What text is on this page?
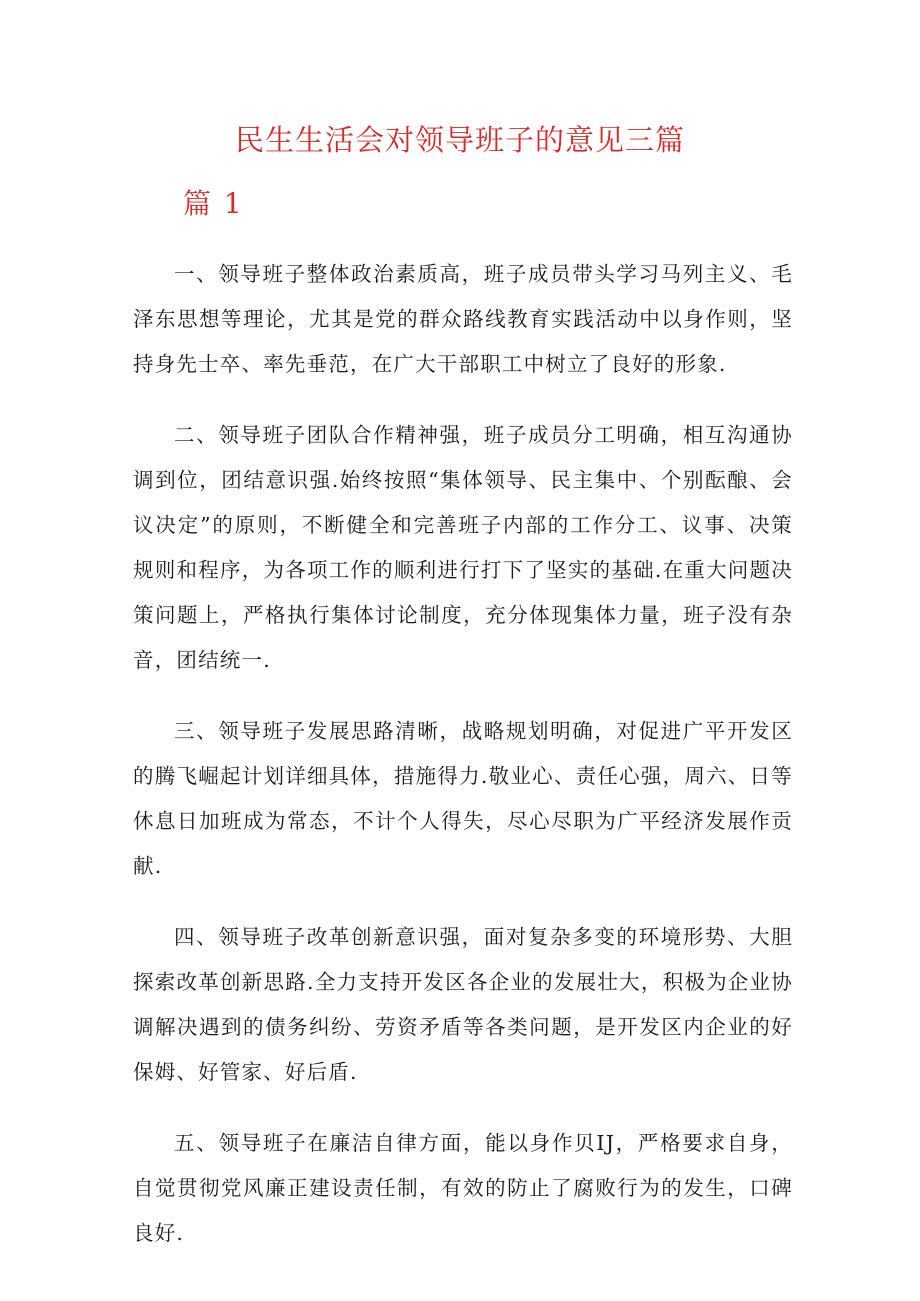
民生生活会对领导班子的意见三篇
篇 1

一、领导班子整体政治素质高，班子成员带头学习马列主义、毛泽东思想等理论，尤其是党的群众路线教育实践活动中以身作则，坚持身先士卒、率先垂范，在广大干部职工中树立了良好的形象.

二、领导班子团队合作精神强，班子成员分工明确，相互沟通协调到位，团结意识强.始终按照“集体领导、民主集中、个别酝酿、会议决定”的原则，不断健全和完善班子内部的工作分工、议事、决策规则和程序，为各项工作的顺利进行打下了坚实的基础.在重大问题决策问题上，严格执行集体讨论制度，充分体现集体力量，班子没有杂音，团结统一.

三、领导班子发展思路清晰，战略规划明确，对促进广平开发区的腾飞崛起计划详细具体，措施得力.敬业心、责任心强，周六、日等休息日加班成为常态，不计个人得失，尽心尽职为广平经济发展作贡献.

四、领导班子改革创新意识强，面对复杂多变的环境形势、大胆探索改革创新思路.全力支持开发区各企业的发展壮大，积极为企业协调解决遇到的债务纠纷、劳资矛盾等各类问题，是开发区内企业的好保姆、好管家、好后盾.

五、领导班子在廉洁自律方面，能以身作贝IJ，严格要求自身，自觉贯彻党风廉正建设责任制，有效的防止了腐败行为的发生，口碑良好.
